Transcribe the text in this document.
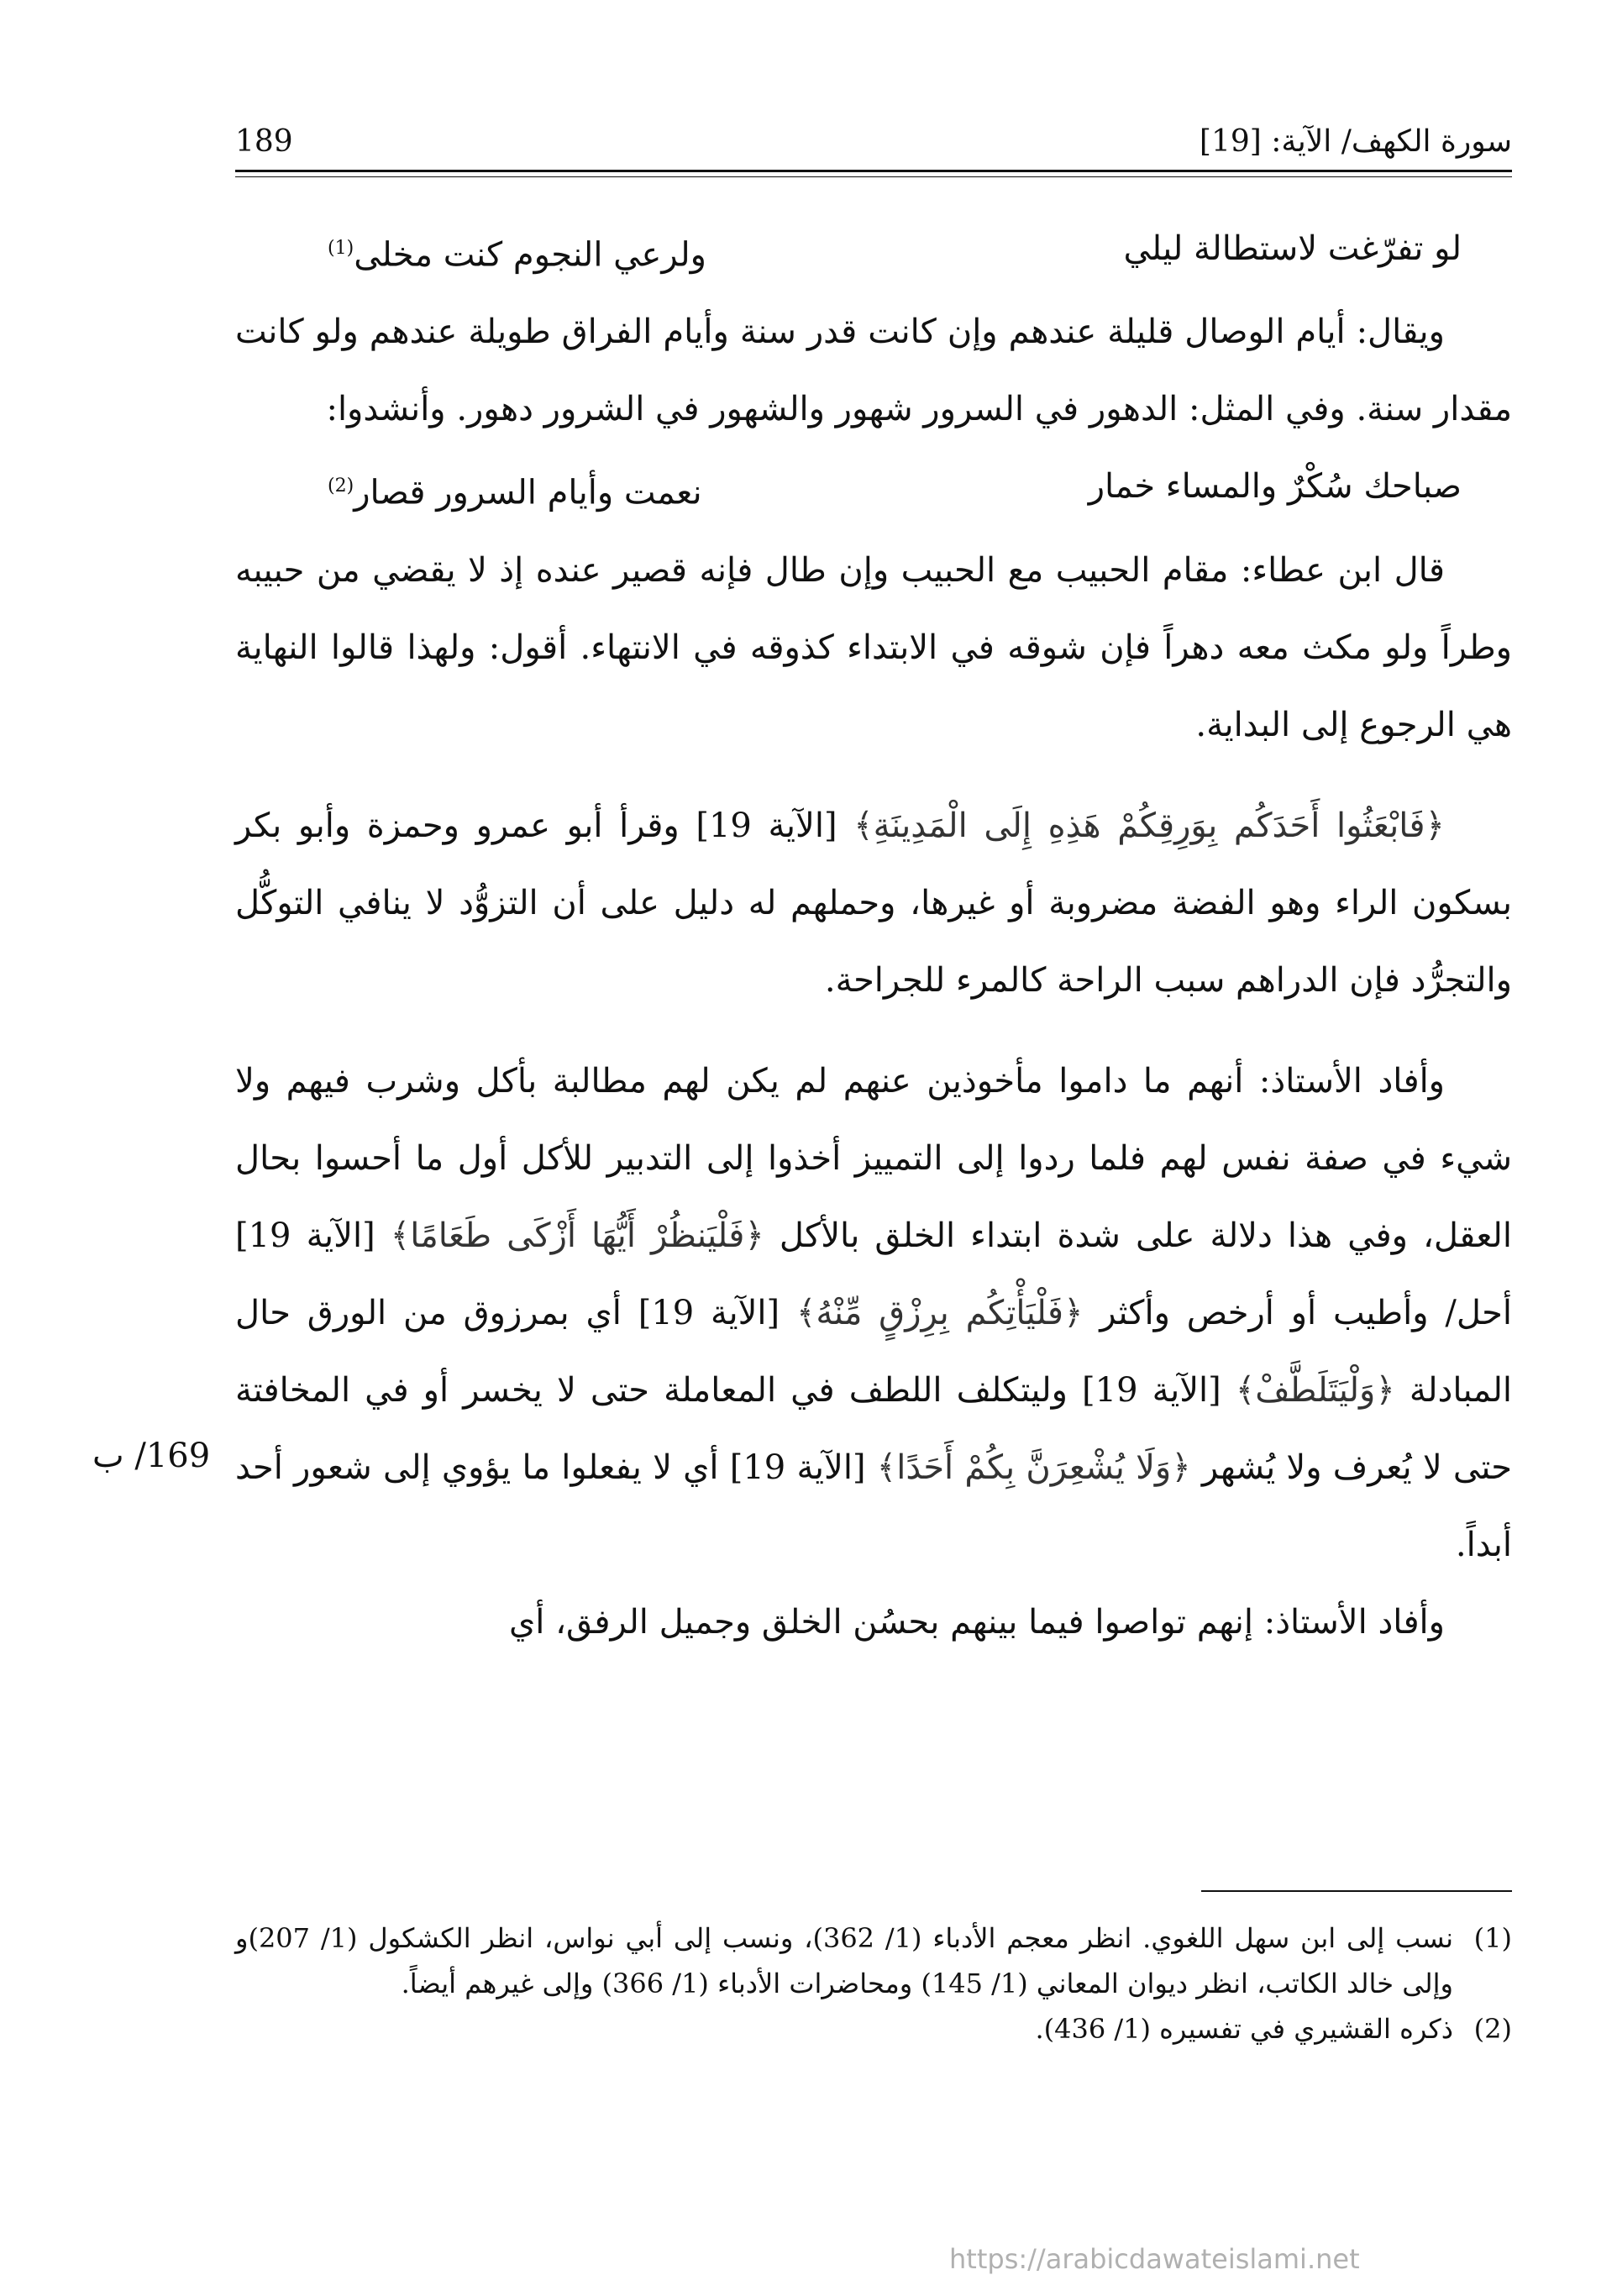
سورة الكهف/ الآية: [19]
189
لو تفرّغت لاستطالة ليلي
ولرعي النجوم كنت مخلى$^{(1)}$

ويقال: أيام الوصال قليلة عندهم وإن كانت قدر سنة وأيام الفراق طويلة عندهم ولو كانت مقدار سنة. وفي المثل: الدهور في السرور شهور والشهور في الشرور دهور. وأنشدوا:

صباحك سُكْرٌ والمساء خمار
نعمت وأيام السرور قصار$^{(2)}$

قال ابن عطاء: مقام الحبيب مع الحبيب وإن طال فإنه قصير عنده إذ لا يقضي من حبيبه وطراً ولو مكث معه دهراً فإن شوقه في الابتداء كذوقه في الانتهاء. أقول: ولهذا قالوا النهاية هي الرجوع إلى البداية.

﴿فَابْعَثُوا أَحَدَكُم بِوَرِقِكُمْ هَذِهِ إِلَى الْمَدِينَةِ﴾ [الآية 19] وقرأ أبو عمرو وحمزة وأبو بكر بسكون الراء وهو الفضة مضروبة أو غيرها، وحملهم له دليل على أن التزوُّد لا ينافي التوكُّل والتجرُّد فإن الدراهم سبب الراحة كالمرء للجراحة.

وأفاد الأستاذ: أنهم ما داموا مأخوذين عنهم لم يكن لهم مطالبة بأكل وشرب فيهم ولا شيء في صفة نفس لهم فلما ردوا إلى التمييز أخذوا إلى التدبير للأكل أول ما أحسوا بحال العقل، وفي هذا دلالة على شدة ابتداء الخلق بالأكل ﴿فَلْيَنظُرْ أَيُّهَا أَزْكَى طَعَامًا﴾ [الآية 19] أحل/ وأطيب أو أرخص وأكثر ﴿فَلْيَأْتِكُم بِرِزْقٍ مِّنْهُ﴾ [الآية 19] أي بمرزوق من الورق حال المبادلة ﴿وَلْيَتَلَطَّفْ﴾ [الآية 19] وليتكلف اللطف في المعاملة حتى لا يخسر أو في المخافتة حتى لا يُعرف ولا يُشهر ﴿وَلَا يُشْعِرَنَّ بِكُمْ أَحَدًا﴾ [الآية 19] أي لا يفعلوا ما يؤوي إلى شعور أحد أبداً.

وأفاد الأستاذ: إنهم تواصوا فيما بينهم بحسُن الخلق وجميل الرفق، أي

169/ ب
(1)
نسب إلى ابن سهل اللغوي. انظر معجم الأدباء (1/ 362)، ونسب إلى أبي نواس، انظر الكشكول (1/ 207)و وإلى خالد الكاتب، انظر ديوان المعاني (1/ 145) ومحاضرات الأدباء (1/ 366) وإلى غيرهم أيضاً.
(2)
ذكره القشيري في تفسيره (1/ 436).
https://arabicdawateislami.net
